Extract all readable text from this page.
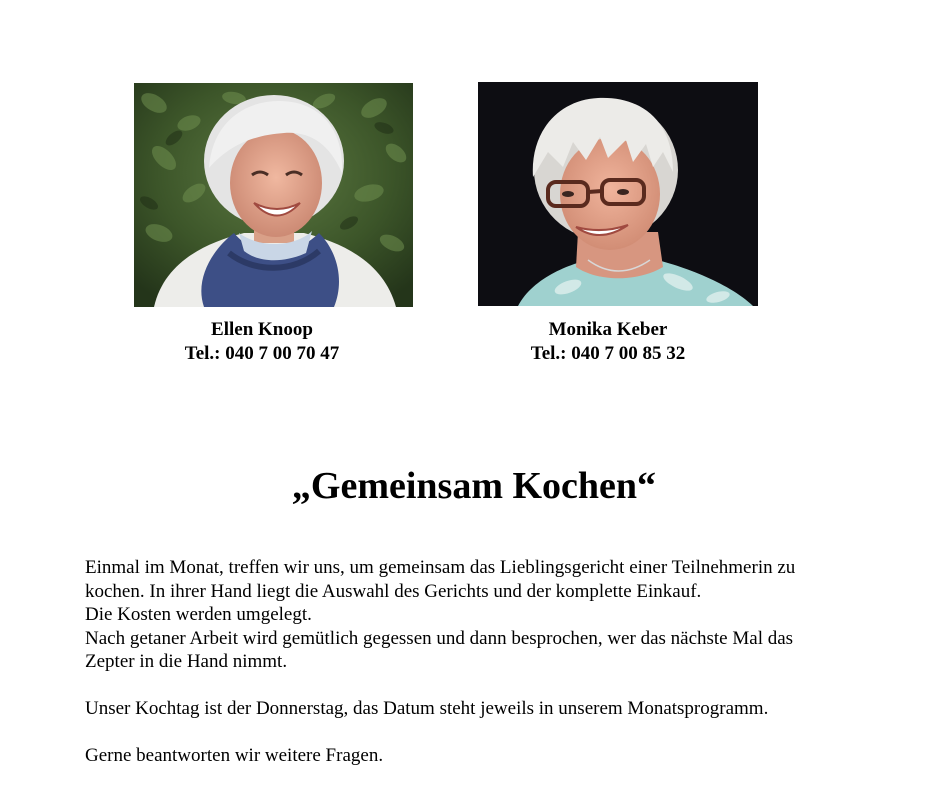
Ellen Knoop
Tel.: 040 7 00 70 47
Monika Keber
Tel.: 040 7 00 85 32
„Gemeinsam Kochen“
Einmal im Monat, treffen wir uns, um gemeinsam das Lieblingsgericht einer Teilnehmerin zu
kochen. In ihrer Hand liegt die Auswahl des Gerichts und der komplette Einkauf.
Die Kosten werden umgelegt.
Nach getaner Arbeit wird gemütlich gegessen und dann besprochen, wer das nächste Mal das
Zepter in die Hand nimmt.
Unser Kochtag ist der Donnerstag, das Datum steht jeweils in unserem Monatsprogramm.
Gerne beantworten wir weitere Fragen.
